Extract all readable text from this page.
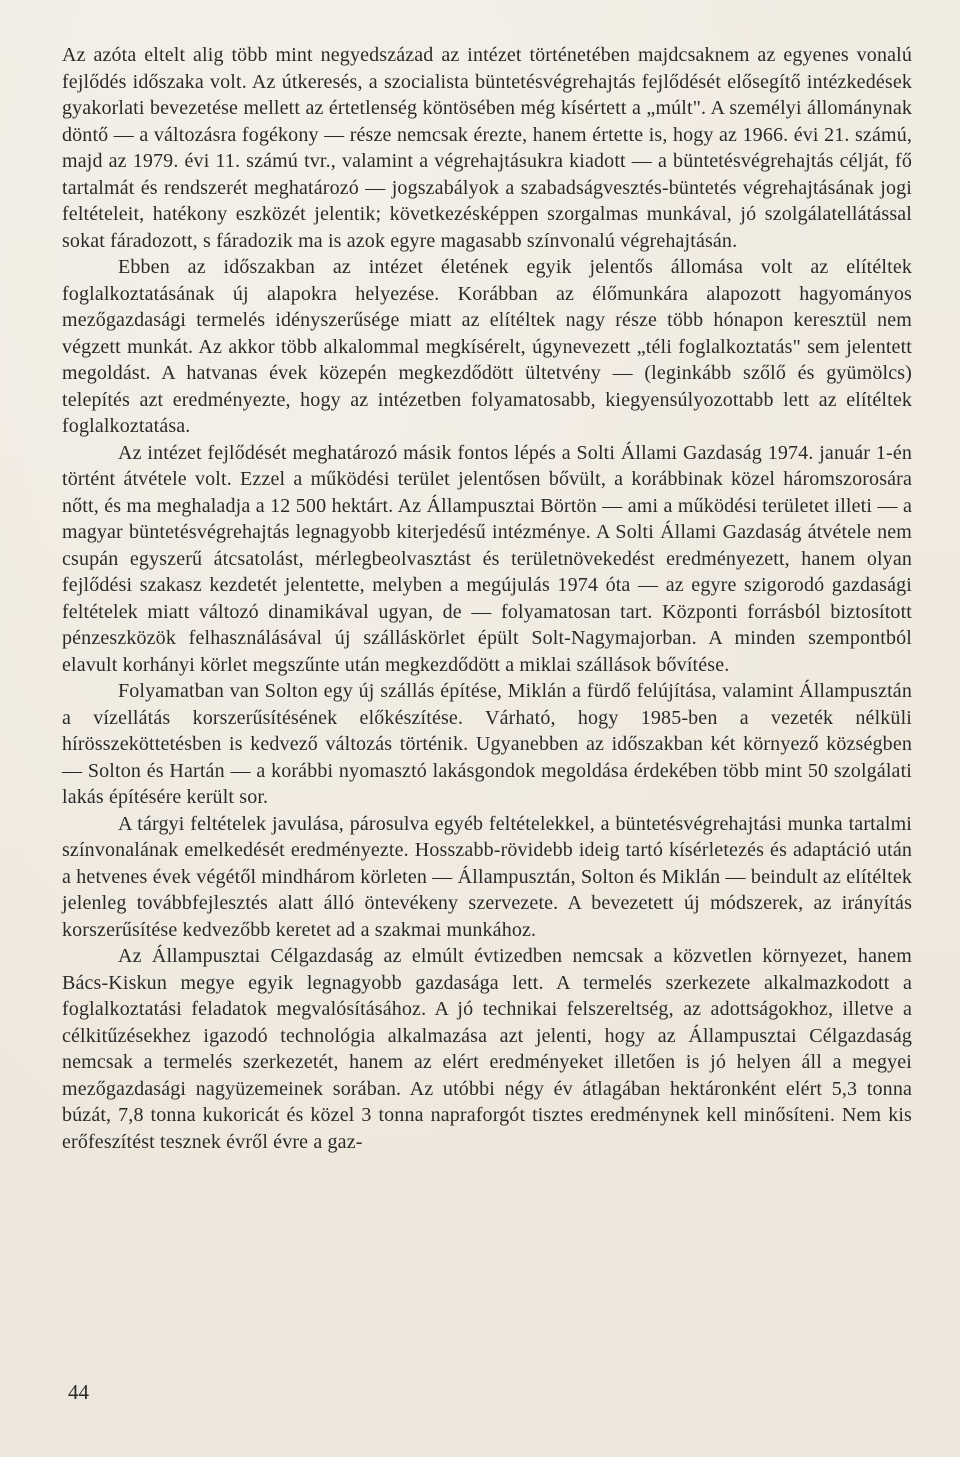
Az azóta eltelt alig több mint negyedszázad az intézet történetében majdcsaknem az egyenes vonalú fejlődés időszaka volt. Az útkeresés, a szocialista büntetésvégrehajtás fejlődését elősegítő intézkedések gyakorlati bevezetése mellett az értetlenség köntösében még kísértett a „múlt". A személyi állománynak döntő — a változásra fogékony — része nemcsak érezte, hanem értette is, hogy az 1966. évi 21. számú, majd az 1979. évi 11. számú tvr., valamint a végrehajtásukra kiadott — a büntetésvégrehajtás célját, fő tartalmát és rendszerét meghatározó — jogszabályok a szabadságvesztés-büntetés végrehajtásának jogi feltételeit, hatékony eszközét jelentik; következésképpen szorgalmas munkával, jó szolgálatellátással sokat fáradozott, s fáradozik ma is azok egyre magasabb színvonalú végrehajtásán.

Ebben az időszakban az intézet életének egyik jelentős állomása volt az elítéltek foglalkoztatásának új alapokra helyezése. Korábban az élőmunkára alapozott hagyományos mezőgazdasági termelés idényszerűsége miatt az elítéltek nagy része több hónapon keresztül nem végzett munkát. Az akkor több alkalommal megkísérelt, úgynevezett „téli foglalkoztatás" sem jelentett megoldást. A hatvanas évek közepén megkezdődött ültetvény — (leginkább szőlő és gyümölcs) telepítés azt eredményezte, hogy az intézetben folyamatosabb, kiegyensúlyozottabb lett az elítéltek foglalkoztatása.

Az intézet fejlődését meghatározó másik fontos lépés a Solti Állami Gazdaság 1974. január 1-én történt átvétele volt. Ezzel a működési terület jelentősen bővült, a korábbinak közel háromszorosára nőtt, és ma meghaladja a 12 500 hektárt. Az Állampusztai Börtön — ami a működési területet illeti — a magyar büntetésvégrehajtás legnagyobb kiterjedésű intézménye. A Solti Állami Gazdaság átvétele nem csupán egyszerű átcsatolást, mérlegbeolvasztást és területnövekedést eredményezett, hanem olyan fejlődési szakasz kezdetét jelentette, melyben a megújulás 1974 óta — az egyre szigorodó gazdasági feltételek miatt változó dinamikával ugyan, de — folyamatosan tart. Központi forrásból biztosított pénzeszközök felhasználásával új szálláskörlet épült Solt-Nagymajorban. A minden szempontból elavult korhányi körlet megszűnte után megkezdődött a miklai szállások bővítése.

Folyamatban van Solton egy új szállás építése, Miklán a fürdő felújítása, valamint Állampusztán a vízellátás korszerűsítésének előkészítése. Várható, hogy 1985-ben a vezeték nélküli hírösszeköttetésben is kedvező változás történik. Ugyanebben az időszakban két környező községben — Solton és Hartán — a korábbi nyomasztó lakásgondok megoldása érdekében több mint 50 szolgálati lakás építésére került sor.

A tárgyi feltételek javulása, párosulva egyéb feltételekkel, a büntetésvégrehajtási munka tartalmi színvonalának emelkedését eredményezte. Hosszabb-rövidebb ideig tartó kísérletezés és adaptáció után a hetvenes évek végétől mindhárom körleten — Állampusztán, Solton és Miklán — beindult az elítéltek jelenleg továbbfejlesztés alatt álló öntevékeny szervezete. A bevezetett új módszerek, az irányítás korszerűsítése kedvezőbb keretet ad a szakmai munkához.

Az Állampusztai Célgazdaság az elmúlt évtizedben nemcsak a közvetlen környezet, hanem Bács-Kiskun megye egyik legnagyobb gazdasága lett. A termelés szerkezete alkalmazkodott a foglalkoztatási feladatok megvalósításához. A jó technikai felszereltség, az adottságokhoz, illetve a célkitűzésekhez igazodó technológia alkalmazása azt jelenti, hogy az Állampusztai Célgazdaság nemcsak a termelés szerkezetét, hanem az elért eredményeket illetően is jó helyen áll a megyei mezőgazdasági nagyüzemeinek sorában. Az utóbbi négy év átlagában hektáronként elért 5,3 tonna búzát, 7,8 tonna kukoricát és közel 3 tonna napraforgót tisztes eredménynek kell minősíteni. Nem kis erőfeszítést tesznek évről évre a gaz-

44
